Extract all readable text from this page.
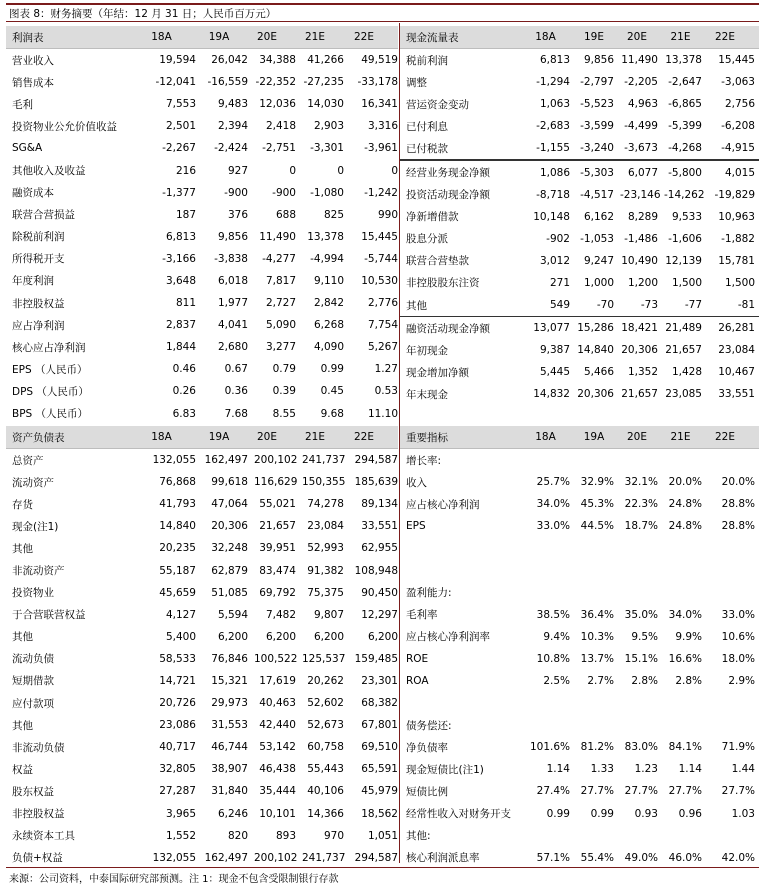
图表 8：财务摘要（年结：12 月 31 日；人民币百万元）
利润表	18A	19A	20E	21E	22E
营业收入	19,594	26,042	34,388	41,266	49,519
销售成本	-12,041	-16,559 -22,352 -27,235	-33,178
毛利	7,553	9,483	12,036	14,030	16,341
投资物业公允价值收益	2,501	2,394	2,418	2,903	3,316
SG&A	-2,267	-2,424	-2,751	-3,301	-3,961
其他收入及收益	216	927	0	0	0
融资成本	-1,377	-900	-900	-1,080	-1,242
联营合营损益	187	376	688	825	990
除税前利润	6,813	9,856	11,490	13,378	15,445
所得税开支	-3,166	-3,838	-4,277	-4,994	-5,744
年度利润	3,648	6,018	7,817	9,110	10,530
非控股权益	811	1,977	2,727	2,842	2,776
应占净利润	2,837	4,041	5,090	6,268	7,754
核心应占净利润	1,844	2,680	3,277	4,090	5,267
EPS （人民币）	0.46	0.67	0.79	0.99	1.27
DPS （人民币）	0.26	0.36	0.39	0.45	0.53
BPS （人民币）	6.83	7.68	8.55	9.68	11.10
现金流量表	18A	19E	20E	21E	22E
税前利润	6,813	9,856 11,490 13,378	15,445
调整	-1,294 -2,797 -2,205 -2,647	-3,063
营运资金变动	1,063 -5,523	4,963 -6,865	2,756
已付利息	-2,683 -3,599 -4,499 -5,399	-6,208
已付税款	-1,155 -3,240 -3,673 -4,268	-4,915
经营业务现金净额	1,086 -5,303	6,077 -5,800	4,015
投资活动现金净额	-8,718 -4,517 -23,146 -14,262 -19,829
净新增借款	10,148	6,162	8,289	9,533	10,963
股息分派	-902 -1,053 -1,486 -1,606	-1,882
联营合营垫款	3,012	9,247 10,490 12,139	15,781
非控股股东注资	271	1,000	1,200	1,500	1,500
其他	549	-70	-73	-77	-81
融资活动现金净额	13,077 15,286 18,421 21,489	26,281
年初现金	9,387 14,840 20,306 21,657	23,084
现金增加净额	5,445	5,466	1,352	1,428	10,467
年末现金	14,832 20,306 21,657 23,085	33,551
资产负债表	18A	19A	20E	21E	22E
总资产	132,055 162,497 200,102 241,737 294,587
流动资产	76,868	99,618 116,629 150,355 185,639
存货	41,793	47,064	55,021	74,278	89,134
现金(注1)	14,840	20,306	21,657	23,084	33,551
其他	20,235	32,248	39,951	52,993	62,955
非流动资产	55,187	62,879	83,474	91,382	108,948
投资物业	45,659	51,085	69,792	75,375	90,450
于合营联营权益	4,127	5,594	7,482	9,807	12,297
其他	5,400	6,200	6,200	6,200	6,200
流动负债	58,533	76,846 100,522 125,537 159,485
短期借款	14,721	15,321	17,619	20,262	23,301
应付款项	20,726	29,973	40,463	52,602	68,382
其他	23,086	31,553	42,440	52,673	67,801
非流动负债	40,717	46,744	53,142	60,758	69,510
权益	32,805	38,907	46,438	55,443	65,591
股东权益	27,287	31,840	35,444	40,106	45,979
非控股权益	3,965	6,246	10,101	14,366	18,562
永续资本工具	1,552	820	893	970	1,051
负债+权益	132,055 162,497 200,102 241,737 294,587
重要指标	18A	19A	20E	21E	22E
增长率:
收入	25.7%	32.9%	32.1%	20.0%	20.0%
应占核心净利润	34.0%	45.3%	22.3%	24.8%	28.8%
EPS	33.0%	44.5%	18.7%	24.8%	28.8%
盈利能力:
毛利率	38.5%	36.4%	35.0%	34.0%	33.0%
应占核心净利润率	9.4%	10.3%	9.5%	9.9%	10.6%
ROE	10.8%	13.7%	15.1%	16.6%	18.0%
ROA	2.5%	2.7%	2.8%	2.8%	2.9%
债务偿还:
净负债率	101.6%	81.2%	83.0%	84.1%	71.9%
现金短债比(注1)	1.14	1.33	1.23	1.14	1.44
短债比例	27.4%	27.7%	27.7%	27.7%	27.7%
经常性收入对财务开支	0.99	0.99	0.93	0.96	1.03
其他:
核心利润派息率	57.1%	55.4%	49.0%	46.0%	42.0%
来源：公司资料，中泰国际研究部预测。注 1：现金不包含受限制银行存款
